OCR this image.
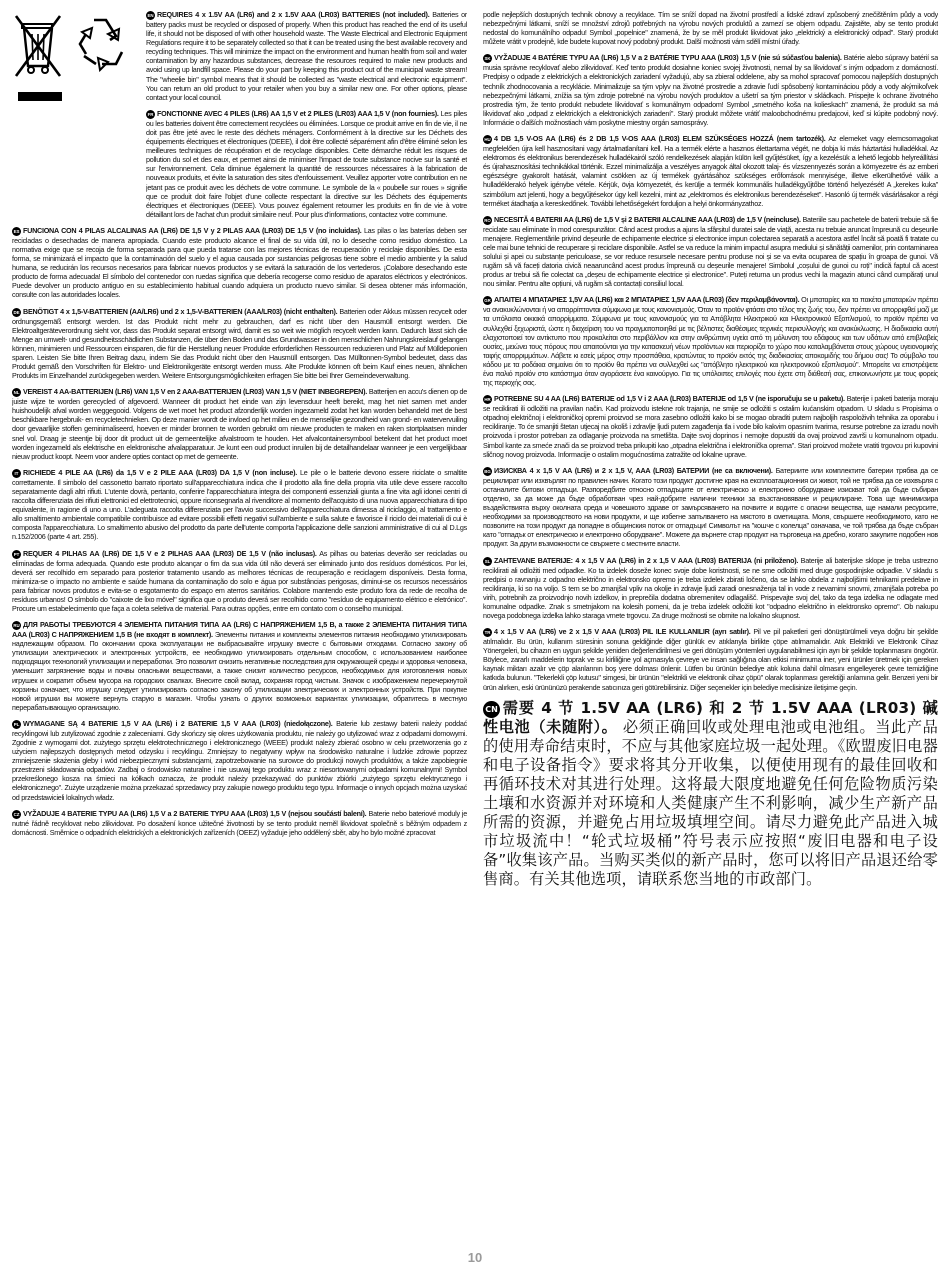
EN REQUIRES 4 x 1.5V AA (LR6) and 2 x 1.5V AAA (LR03) BATTERIES (not included). Batteries or battery packs must be recycled or disposed of properly. When this product has reached the end of its useful life, it should not be disposed of with other household waste. The Waste Electrical and Electronic Equipment Regulations require it to be separately collected so that it can be treated using the best available recovery and recycling techniques. This will minimize the impact on the environment and human health from soil and water contamination by any hazardous substances, decrease the resources required to make new products and avoid using up landfill space. Please do your part by keeping this product out of the municipal waste stream! The "wheelie bin" symbol means that it should be collected as "waste electrical and electronic equipment". You can return an old product to your retailer when you buy a similar new one. For other options, please contact your local council.

FR FONCTIONNE AVEC 4 PILES (LR6) AA 1,5 V et 2 PILES (LR03) AAA 1,5 V (non fournies). Les piles ou les batteries doivent être correctement recyclées ou éliminées. Lorsque ce produit arrive en fin de vie, il ne doit pas être jeté avec le reste des déchets ménagers. Conformément à la directive sur les Déchets des équipements électriques et électroniques (DEEE), il doit être collecté séparément afin d'être éliminé selon les meilleures techniques de récupération et de recyclage disponibles. Cette démarche réduit les risques de pollution du sol et des eaux, et permet ainsi de minimiser l'impact de toute substance nocive sur la santé et sur l'environnement. Cela diminue également la quantité de ressources nécessaires à la fabrication de nouveaux produits, et évite la saturation des sites d'enfouissement. Veuillez apporter votre contribution en ne jetant pas ce produit avec les déchets de votre commune. Le symbole de la « poubelle sur roues » signifie que ce produit doit faire l'objet d'une collecte respectant la directive sur les Déchets des équipements électriques et électroniques (DEEE). Vous pouvez également retourner les produits en fin de vie à votre détaillant lors de l'achat d'un produit similaire neuf. Pour plus d'informations, contactez votre commune.

ES FUNCIONA CON 4 PILAS ALCALINAS AA (LR6) DE 1,5 V y 2 PILAS AAA (LR03) DE 1,5 V (no incluidas). Las pilas o las baterías deben ser recicladas o desechadas de manera apropiada. Cuando este producto alcance el final de su vida útil, no lo deseche como residuo doméstico. La normativa exige que se recoja de forma separada para que pueda tratarse con las mejores técnicas de recuperación y reciclaje disponibles. De esta forma, se minimizará el impacto que la contaminación del suelo y el agua causada por sustancias peligrosas tiene sobre el medio ambiente y la salud humana, se reducirán los recursos necesarios para fabricar nuevos productos y se evitará la saturación de los vertederos. ¡Colabore desechando este producto de forma adecuada! El símbolo del contenedor con ruedas significa que debería recogerse como residuo de aparatos eléctricos y electrónicos. Puede devolver un producto antiguo en su establecimiento habitual cuando adquiera un producto nuevo similar. Si desea obtener más información, consulte con las autoridades locales.

DE BENÖTIGT 4 x 1,5-V-BATTERIEN (AA/LR6) und 2 x 1,5-V-BATTERIEN (AAA/LR03) (nicht enthalten). Batterien oder Akkus müssen recycelt oder ordnungsgemäß entsorgt werden. Ist das Produkt nicht mehr zu gebrauchen, darf es nicht über den Hausmüll entsorgt werden. Die Elektroaltgeräteverordnung sieht vor, dass das Produkt separat entsorgt wird, damit es so weit wie möglich recycelt werden kann. Dadurch lässt sich die Menge an umwelt- und gesundheitsschädlichen Substanzen, die über den Boden und das Grundwasser in den menschlichen Nahrungskreislauf gelangen können, minimieren und Ressourcen einsparen, die für die Herstellung neuer Produkte erforderlichen Ressourcen reduzieren und Platz auf Mülldeponien sparen. Leisten Sie bitte Ihren Beitrag dazu, indem Sie das Produkt nicht über den Hausmüll entsorgen. Das Mülltonnen-Symbol bedeutet, dass das Produkt gemäß den Vorschriften für Elektro- und Elektronikgeräte entsorgt werden muss. Alte Produkte können oft beim Kauf eines neuen, ähnlichen Produkts im Einzelhandel zurückgegeben werden. Weitere Entsorgungsmöglichkeiten erfragen Sie bitte bei Ihrer Gemeindeverwaltung.

NL VEREIST 4 AA-BATTERIJEN (LR6) VAN 1,5 V en 2 AAA-BATTERIJEN (LR03) VAN 1,5 V (NIET INBEGREPEN). Batterijen en accu's dienen op de juiste wijze te worden gerecycled of afgevoerd. Wanneer dit product het einde van zijn levensduur heeft bereikt, mag het niet samen met ander huishoudelijk afval worden weggegooid. Volgens de wet moet het product afzonderlijk worden ingezameld zodat het kan worden behandeld met de best beschikbare hergebruik- en recycletechnieken. Op deze manier wordt de invloed op het milieu en de menselijke gezondheid van grond- en watervervuiling door gevaarlijke stoffen geminimaliseerd, hoeven er minder bronnen te worden gebruikt om nieuwe producten te maken en raken stortplaatsen minder snel vol. Draag je steentje bij door dit product uit de gemeentelijke afvalstroom te houden. Het afvalcontainersymbool betekent dat het product moet worden ingezameld als elektrische en elektronische afvalapparatuur. Je kunt een oud product inruilen bij de detailhandelaar wanneer je een vergelijkbaar nieuw product koopt. Neem voor andere opties contact op met de gemeente.

IT RICHIEDE 4 PILE AA (LR6) da 1,5 V e 2 PILE AAA (LR03) DA 1,5 V (non incluse). Le pile o le batterie devono essere riciclate o smaltite correttamente. Il simbolo del cassonetto barrato riportato sull'apparecchiatura indica che il prodotto alla fine della propria vita utile deve essere raccolto separatamente dagli altri rifiuti. L'utente dovrà, pertanto, conferire l'apparecchiatura integra dei componenti essenziali giunta a fine vita agli idonei centri di raccolta differenziata dei rifiuti elettronici ed elettrotecnici, oppure riconsegnarla al rivenditore al momento dell'acquisto di una nuova apparecchiatura di tipo equivalente, in ragione di uno a uno. L'adeguata raccolta differenziata per l'avvio successivo dell'apparecchiatura dimessa al riciclaggio, al trattamento e allo smaltimento ambientale compatibile contribuisce ad evitare possibili effetti negativi sull'ambiente e sulla salute e favorisce il riciclo dei materiali di cui è composta l'apparecchiatura. Lo smaltimento abusivo del prodotto da parte dell'utente comporta l'applicazione delle sanzioni amministrative di cui al D.Lgs n.152/2006 (parte 4 art. 255).

PT REQUER 4 PILHAS AA (LR6) DE 1,5 V e 2 PILHAS AAA (LR03) DE 1,5 V (não inclusas). As pilhas ou baterias deverão ser recicladas ou eliminadas de forma adequada. Quando este produto alcançar o fim da sua vida útil não deverá ser eliminado junto dos resíduos domésticos. Por lei, deverá ser recolhido em separado para posterior tratamento usando as melhores técnicas de recuperação e reciclagem disponíveis. Desta forma, minimiza-se o impacto no ambiente e saúde humana da contaminação do solo e água por substâncias perigosas, diminui-se os recursos necessários para fabricar novos produtos e evita-se o esgotamento do espaço em aterros sanitários. Colabore mantendo este produto fora da rede de recolha de resíduos urbanos! O símbolo do "caixote de lixo móvel" significa que o produto deverá ser recolhido como "resíduo de equipamento elétrico e eletrónico". Procure um estabelecimento que faça a coleta seletiva de material. Para outras opções, entre em contato com o conselho municipal.

RU ДЛЯ РАБОТЫ ТРЕБУЮТСЯ 4 ЭЛЕМЕНТА ПИТАНИЯ ТИПА AA (LR6) С НАПРЯЖЕНИЕМ 1,5 В, а также 2 ЭЛЕМЕНТА ПИТАНИЯ ТИПА AAA (LR03) С НАПРЯЖЕНИЕМ 1,5 В (не входят в комплект). Элементы питания и комплекты элементов питания необходимо утилизировать надлежащим образом. По окончании срока эксплуатации не выбрасывайте игрушку вместе с бытовыми отходами. Согласно закону об утилизации электрических и электронных устройств, ее необходимо утилизировать отдельным способом, с использованием наиболее подходящих технологий утилизации и переработки. Это позволит снизить негативные последствия для окружающей среды и здоровья человека, уменьшит загрязнение воды и почвы опасными веществами, а также снизит количество ресурсов, необходимых для изготовления новых игрушек и сократит объем мусора на городских свалках. Внесите свой вклад, сохраняя город чистым. Значок с изображением перечеркнутой корзины означает, что игрушку следует утилизировать согласно закону об утилизации электрических и электронных устройств. При покупке новой игрушки вы можете вернуть старую в магазин. Чтобы узнать о других возможных вариантах утилизации, обратитесь в местную перерабатывающую организацию.

PL WYMAGANE SĄ 4 BATERIE 1,5 V AA (LR6) i 2 BATERIE 1,5 V AAA (LR03) (niedołączone). Baterie lub zestawy baterii należy poddać recyklingowi lub zutylizować zgodnie z zaleceniami. Gdy skończy się okres użytkowania produktu, nie należy go utylizować wraz z odpadami domowymi. Zgodnie z wymogami dot. zużytego sprzętu elektrotechnicznego i elektronicznego (WEEE) produkt należy zbierać osobno w celu przetworzenia go z użyciem najlepszych dostępnych metod odzysku i recyklingu. Zmniejszy to negatywny wpływ na środowisko naturalne i ludzkie zdrowie poprzez zmniejszenie skażenia gleby i wód niebezpiecznymi substancjami, zapotrzebowanie na surowce do produkcji nowych produktów, a także zapobiegnie przestrzeni składowania odpadów. Zadbaj o środowisko naturalne i nie usuwaj tego produktu wraz z niesortowanymi odpadami komunalnymi! Symbol przekreślonego kosza na śmieci na kółkach oznacza, że produkt należy przekazywać do punktów zbiórki „zużytego sprzętu elektrycznego i elektronicznego". Zużyte urządzenie można przekazać sprzedawcy przy zakupie nowego produktu tego typu. Informacje o innych opcjach można uzyskać od przedstawicieli lokalnych władz.

CZ VYŽADUJE 4 BATERIE TYPU AA (LR6) 1,5 V a 2 BATERIE TYPU AAA (LR03) 1,5 V (nejsou součástí balení). Baterie nebo bateriové moduly je nutné řádně recyklovat nebo zlikvidovat. Po dosažení konce užitečné životnosti by se tento produkt neměl likvidovat společně s běžným odpadem z domácnosti. Směrnice o odpadních elektrických a elektronických zařízeních (OEEZ) vyžaduje jeho oddělený sběr, aby ho bylo možné zpracovat

podle nejlepších dostupných technik obnovy a recyklace. Tím se sníží dopad na životní prostředí a lidské zdraví způsobený znečištěním půdy a vody nebezpečnými látkami, sníží se množství zdrojů potřebných na výrobu nových produktů a zamezí se objem odpadu. Zajistěte, aby se tento produkt nedostal do komunálního odpadu! Symbol „popelnice" znamená, že by se měl produkt likvidovat jako „elektrický a elektronický odpad". Starý produkt můžete vrátit v prodejně, kde budete kupovat nový podobný produkt. Další možnosti vám sdělí místní úřady.

SK VYŽADUJE 4 BATÉRIE TYPU AA (LR6) 1,5 V a 2 BATÉRIE TYPU AAA (LR03) 1,5 V (nie sú súčasťou balenia). Batérie alebo súpravy batérií sa musia správne recyklovať alebo zlikvidovať. Keď tento produkt dosiahne koniec svojej životnosti, nemal by sa likvidovať s iným odpadom z domácností. Predpisy o odpade z elektrických a elektronických zariadení vyžadujú, aby sa zbieral oddelene, aby sa mohol spracovať pomocou najlepších dostupných techník zhodnocovania a recyklácie. Minimalizuje sa tým vplyv na životné prostredie a zdravie ľudí spôsobený kontamináciou pôdy a vody akýmikoľvek nebezpečnými látkami, znížia sa tým zdroje potrebné na výrobu nových produktov a ušetrí sa tým priestor v skládkach. Prispejte k ochrane životného prostredia tým, že tento produkt nebudete likvidovať s komunálnym odpadom! Symbol „smetného koša na kolieskach" znamená, že produkt sa má likvidovať ako „odpad z elektrických a elektronických zariadení". Starý produkt môžete vrátiť maloobchodnému predajcovi, keď si kúpite podobný nový. Informácie o ďalších možnostiach vám poskytne miestny orgán samosprávy.

HU 4 DB 1,5 V-OS AA (LR6) és 2 DB 1,5 V-OS AAA (LR03) ELEM SZÜKSÉGES HOZZÁ (nem tartozék). Az elemeket vagy elemcsomagokat megfelelően újra kell hasznosítani vagy ártalmatlanítani kell. Ha a termék elérte a hasznos élettartama végét, ne dobja ki más háztartási hulladékkal. Az elektromos és elektronikus berendezések hulladékairól szóló rendelkezések alapján külön kell gyűjtésüket, így a kezelésük a lehető legjobb helyreállítási és újrahasznosítási technikákkal történik. Ezzel minimalizálja a veszélyes anyagok által okozott talaj- és vízszennyezés során a környezetre és az emberi egészségre gyakorolt hatását, valamint csökken az új termékek gyártásához szükséges erőforrások mennyisége, illetve elkerülhetővé válik a hulladéklerakó helyek igénybe vétele. Kérjük, övja környezetét, és kerülje a termék kommunális hulladékgyűjtőbe történő helyezését! A „kerekes kuka" szimbólum azt jelenti, hogy a begyűjtésekor úgy kell kezelni, mint az „elektromos és elektronikus berendezéseket". Hasonló új termék vásárlásakor a régi terméket átadhatja a kereskedőnek. További lehetőségekért forduljon a helyi önkormányzathoz.

RO NECESITĂ 4 BATERII AA (LR6) de 1,5 V și 2 BATERII ALCALINE AAA (LR03) de 1,5 V (neincluse). Bateriile sau pachetele de baterii trebuie să fie reciclate sau eliminate în mod corespunzător. Când acest produs a ajuns la sfârșitul duratei sale de viață, acesta nu trebuie aruncat împreună cu deșeurile menajere. Reglementările privind deșeurile de echipamente electrice și electronice impun colectarea separată a acestora astfel încât să poată fi tratate cu cele mai bune tehnici de recuperare și reciclare disponibile. Astfel se va reduce la minim impactul asupra mediului și sănătății oamenilor, prin contaminarea solului și apei cu substanțe periculoase, se vor reduce resursele necesare pentru produse noi și se va evita ocuparea de spațiu în groapa de gunoi. Vă rugăm să vă faceți datoria civică neaaruncând acest produs împreună cu deșeurile menajere! Simbolul „coșului de gunoi cu roți" indică faptul că acest produs ar trebui să fie colectat ca „deșeu de echipamente electrice și electronice". Puteți returna un produs vechi la magazin atunci când cumpărați unul nou similar. Pentru alte opțiuni, vă rugăm să contactați consiliul local.

GR ΑΠΑΙΤΕΙ 4 ΜΠΑΤΑΡΙΕΣ 1,5V AA (LR6) και 2 ΜΠΑΤΑΡΙΕΣ 1,5V AAA (LR03) (δεν περιλαμβάνονται). Οι μπαταρίες και τα πακέτα μπαταριών πρέπει να ανακυκλώνονται ή να απορρίπτονται σύμφωνα με τους κανονισμούς. Όταν το προϊόν φτάσει στο τέλος της ζωής του, δεν πρέπει να απορριφθεί μαζί με τα υπόλοιπα οικιακά απορρίμματα. Σύμφωνα με τους κανονισμούς για τα Απόβλητα Ηλεκτρικού και Ηλεκτρονικού Εξοπλισμού, το προϊόν πρέπει να συλλεχθεί ξεχωριστά, ώστε η διαχείριση του να πραγματοποιηθεί με τις βέλτιστες διαθέσιμες τεχνικές περισυλλογής και ανακύκλωσης. Η διαδικασία αυτή ελαχιστοποιεί τον αντίκτυπο που προκαλείται στο περιβάλλον και στην ανθρώπινη υγεία από τη μόλυνση του εδάφους και των υδάτων από επιβλαβείς ουσίες, μειώνει τους πόρους που απαιτούνται για την κατασκευή νέων προϊόντων και περιορίζει το χώρο που καταλαμβάνεται στους χώρους υγειονομικής ταφής απορριμμάτων. Λάβετε κι εσείς μέρος στην προσπάθεια, κρατώντας το προϊόν εκτός της διαδικασίας αποκομιδής του δήμου σας! Το σύμβολο του κάδου με τα ροδάκια σημαίνει ότι το προϊόν θα πρέπει να συλλεχθεί ως "απόβλητο ηλεκτρικού και ηλεκτρονικού εξοπλισμού". Μπορείτε να επιστρέψετε ένα παλιό προϊόν στο κατάστημα όταν αγοράσετε ένα καινούργιο. Για τις υπόλοιπες επιλογές που έχετε στη διάθεσή σας, επικοινωνήστε με τους φορείς της περιοχής σας.

HR POTREBNE SU 4 AA (LR6) BATERIJE od 1,5 V i 2 AAA (LR03) BATERIJE od 1,5 V (ne isporučuju se u paketu). Baterije i paketi baterija moraju se reciklirati ili odložiti na pravilan način. Kad proizvodu istekne rok trajanja, ne smije se odložiti s ostalim kućanskim otpadom. U skladu s Propisima o otpadnoj električnoj i elektroničkoj opremi proizvod se mora zasebno odložiti kako bi se mogao obraditi putem najboljih raspoloživih tehnika za oporabu i recikliranje. To će smanjiti štetan utjecaj na okoliš i zdravlje ljudi putem zagađenja tla i vode bilo kakvim opasnim tvarima, resurse potrebne za izradu novih proizvoda i prostor potreban za odlaganje proizvoda na smetlišta. Dajte svoj doprinos i nemojte dopustiti da ovaj proizvod završi u komunalnom otpadu. Simbol kante za smeće znači da se proizvod treba prikupiti kao „otpadna električna i elektronička oprema". Stari proizvod možete vratiti trgovcu pri kupovini sličnog novog proizvoda. Informacije o ostalim mogućnostima zatražite od lokalne uprave.

BG ИЗИСКВА 4 x 1,5 V AA (LR6) и 2 x 1,5 V, AAA (LR03) БАТЕРИИ (не са включени). Батериите или комплектите батерии трябва да се рециклират или изхвърлят по правилен начин. Когато този продукт достигне края на експлоатационния си живот, той не трябва да се изхвърля с останалите битови отпадъци. Разпоредбите относно отпадъците от електрическо и електронно оборудване изискват той да бъде събиран отделно, за да може да бъде обработван чрез най-добрите налични техники за възстановяване и рециклиране. Това ще минимизира въздействията върху околната среда и човешкото здраве от замърсяването на почвите и водите с опасни вещества, ще намали ресурсите, необходими за производството на нови продукти, и ще избегне запълването на мястото в сметищата. Моля, свършете необходимото, като не позволите на този продукт да попадне в общинския поток от отпадъци! Символът на "кошче с колелца" означава, че той трябва да бъде събран като "отпадък от електрическо и електронно оборудване". Можете да върнете стар продукт на търговеца на дребно, когато закупите подобен нов продукт. За други възможности се свържете с местните власти.

SL ZAHTEVANE BATERIJE: 4 x 1,5 V AA (LR6) in 2 x 1,5 V AAA (LR03) BATERIJA (ni priloženo). Baterije ali baterijske sklope je treba ustrezno reciklirati ali odložiti med odpadke. Ko ta izdelek doseže konec svoje dobe koristnosti, se ne sme odložiti med druge gospodinjske odpadke. V skladu s predpisi o ravnanju z odpadno električno in elektronsko opremo je treba izdelek zbirati ločeno, da se lahko obdela z najboljšimi tehnikami predelave in recikliranja, ki so na voljo. S tem se bo zmanjšal vpliv na okolje in zdravje ljudi zaradi onesnaženja tal in vode z nevarnimi snovmi, zmanjšala potreba po virih, potrebnih za proizvodnjo novih izdelkov, in preprečila dodatna obremenitev odlagališč. Prispevajte svoj del, tako da tega izdelka ne odlagate med komunalne odpadke. Znak s smetnjakom na kolesih pomeni, da je treba izdelek odložiti kot "odpadno električno in elektronsko opremo". Ob nakupu novega podobnega izdelka lahko staraga vrnete trgovcu. Za druge možnosti se obrnite na lokalno skupnost.

TR 4 x 1,5 V AA (LR6) ve 2 x 1,5 V AAA (LR03) PIL ILE KULLANILIR (ayrı satılır). Pil ve pil paketleri geri dönüştürülmeli veya doğru bir şekilde atılmalıdır. Bu ürün, kullanım süresinin sonuna geldiğinde diğer günlük ev atıklarıyla birlikte çöpe atılmamalıdır. Atık Elektrikli ve Elektronik Cihaz Yönergeleri, bu cihazın en uygun şekilde yeniden değerlendirilmesi ve geri dönüşüm yöntemleri uygulanabilmesi için ayrı bir şekilde toplanmasını öngörür. Böylece, zararlı maddelerin toprak ve su kirliliğine yol açmasıyla çevreye ve insan sağlığına olan etkisi minimuma iner, yeni ürünler üretmek için gereken kaynak miktarı azalır ve çöp alanlarının boş yere dolması önlenir. Lütfen bu ürünün belediye atık koluna dahil olmasını engelleyerek çevre temizliğine katkıda bulunun. "Tekerlekli çöp kutusu" simgesi, bir ürünün "elektrikli ve elektronik cihaz çöpü" olarak toplanması gerektiği anlamına gelir. Benzeri yeni bir ürün alırken, eski ürününüzü perakende satıcınıza geri götürebilirsiniz. Diğer seçenekler için belediye meclisinize iletişime geçin.

CN 需要 4 节 1.5V AA (LR6) 和 2 节 1.5V AAA (LR03) 碱性电池（未随附）。 必须正确回收或处理电池或电池组。当此产品的使用寿命结束时，不应与其他家庭垃圾一起处理。《欧盟废旧电器和电子设备指令》要求将其分开收集，以便使用现有的最佳回收和再循环技术对其进行处理。这将最大限度地避免任何危险物质污染土壤和水资源并对环境和人类健康产生不利影响，减少生产新产品所需的资源，并避免占用垃圾填埋空间。请尽力避免此产品进入城市垃圾流中！“轮式垃圾桶”符号表示应按照“废旧电器和电子设备”收集该产品。当购买类似的新产品时，您可以将旧产品退还给零售商。有关其他选项，请联系您当地的市政部门。

10
